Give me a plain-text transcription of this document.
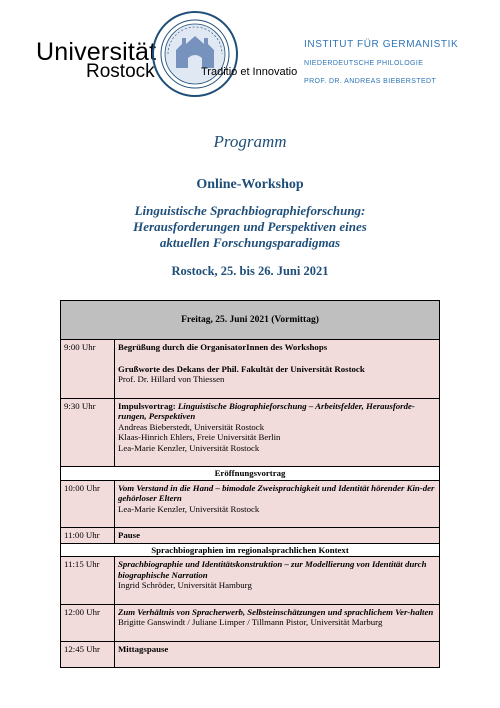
Universität
Rostock	Traditio et Innovatio
INSTITUT FÜR GERMANISTIK
NIEDERDEUTSCHE PHILOLOGIE
PROF. DR. ANDREAS BIEBERSTEDT
Programm
Online-Workshop
Linguistische Sprachbiographieforschung: Herausforderungen und Perspektiven eines aktuellen Forschungsparadigmas
Rostock, 25. bis 26. Juni 2021
Freitag, 25. Juni 2021 (Vormittag)	
9:00 Uhr	Begrüßung durch die OrganisatorInnen des Workshops
Grußworte des Dekans der Phil. Fakultät der Universität Rostock
Prof. Dr. Hillard von Thiessen

9:30 Uhr	Impulsvortrag: Linguistische Biographieforschung – Arbeitsfelder, Herausforde-rungen, Perspektiven
Andreas Bieberstedt, Universität Rostock
Klaas-Hinrich Ehlers, Freie Universität Berlin
Lea-Marie Kenzler, Universität Rostock

Eröffnungsvortrag	
10:00 Uhr	Vom Verstand in die Hand – bimodale Zweisprachigkeit und Identität hörender Kin-der gehörloser Eltern
Lea-Marie Kenzler, Universität Rostock

11:00 Uhr	Pause

Sprachbiographien im regionalsprachlichen Kontext	
11:15 Uhr	Sprachbiographie und Identitätskonstruktion – zur Modellierung von Identität durch biographische Narration
Ingrid Schröder, Universität Hamburg

12:00 Uhr	Zum Verhältnis von Spracherwerb, Selbsteinschätzungen und sprachlichem Ver-halten
Brigitte Ganswindt / Juliane Limper / Tillmann Pistor, Universität Marburg

12:45 Uhr	Mittagspause
